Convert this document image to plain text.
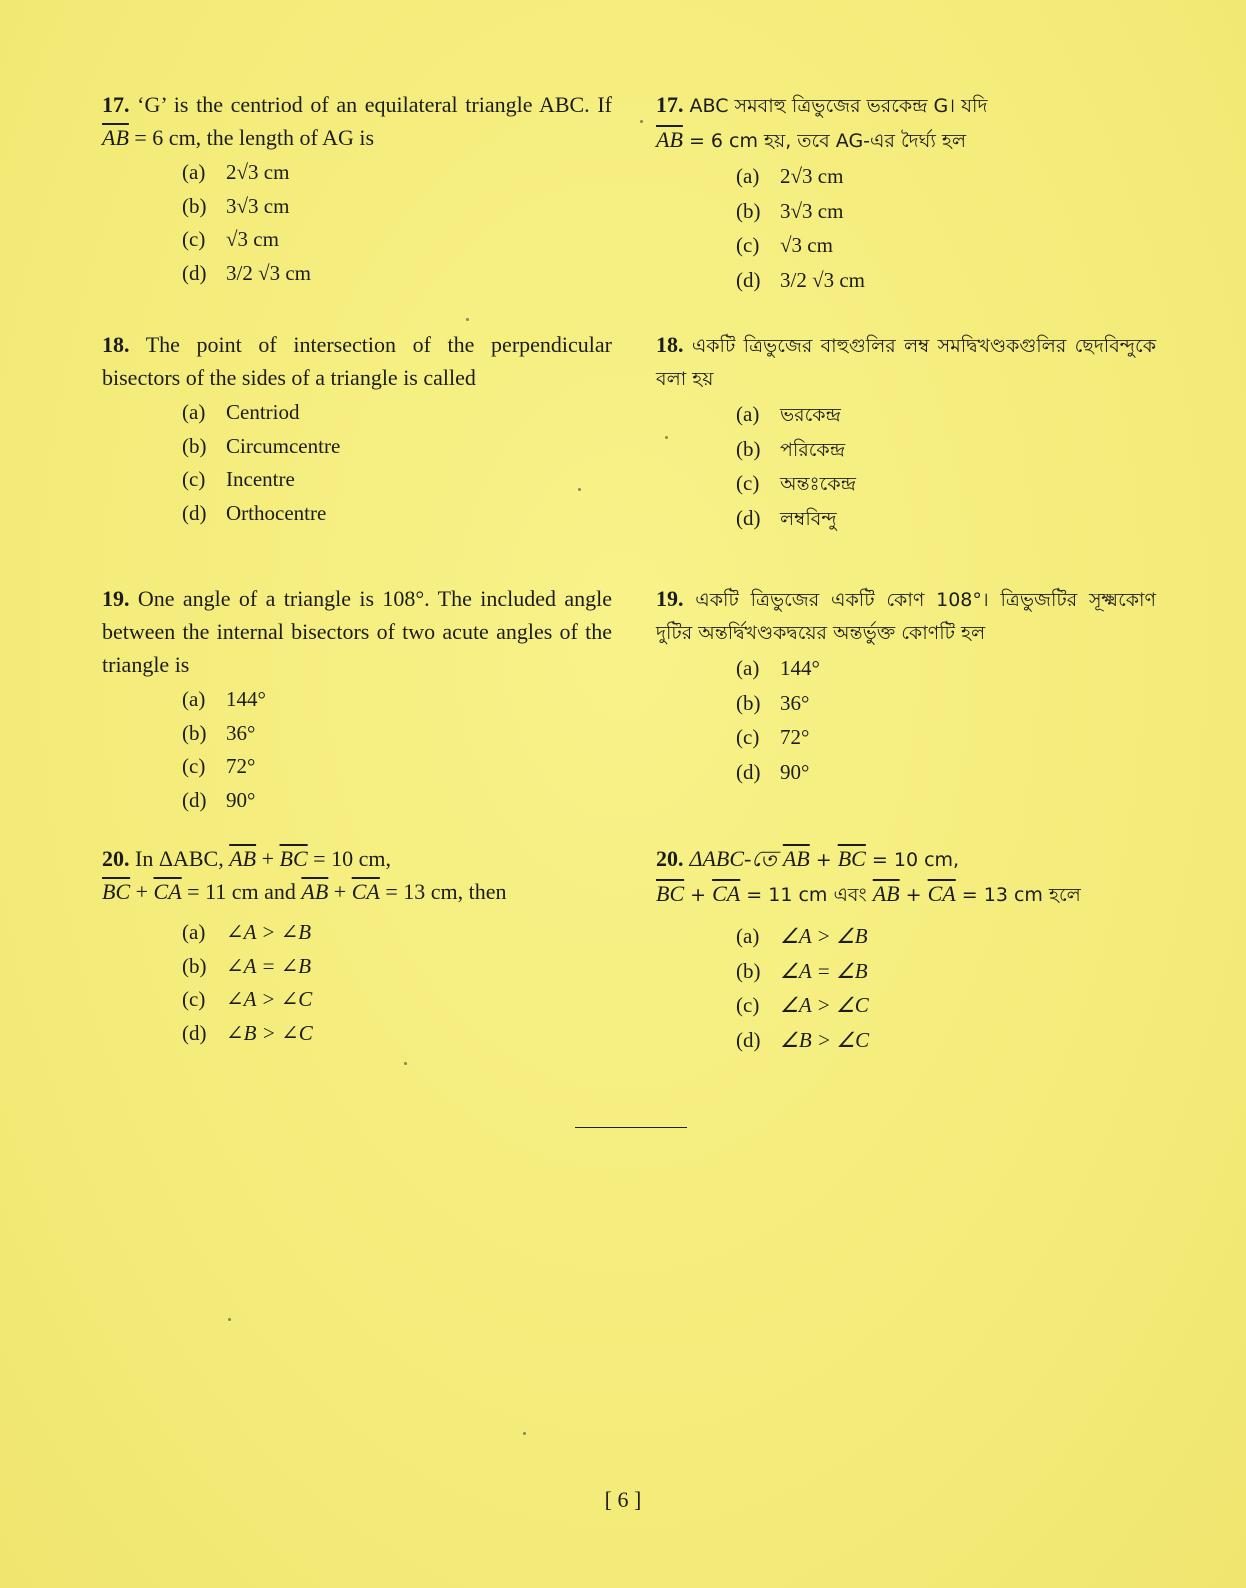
17. ‘G’ is the centriod of an equilateral triangle ABC. If $\overline{AB} = 6$ cm, the length of AG is

(a) 2√3 cm
(b) 3√3 cm
(c) √3 cm
(d) 3/2 √3 cm

18. The point of intersection of the perpendicular bisectors of the sides of a triangle is called

(a) Centriod
(b) Circumcentre
(c) Incentre
(d) Orthocentre

19. One angle of a triangle is 108°. The included angle between the internal bisectors of two acute angles of the triangle is

(a) 144°
(b) 36°
(c) 72°
(d) 90°

20. In ΔABC, $\overline{AB} + \overline{BC} = 10$ cm,
$\overline{BC} + \overline{CA} = 11$ cm and $\overline{AB} + \overline{CA} = 13$ cm, then

(a) ∠A > ∠B
(b) ∠A = ∠B
(c) ∠A > ∠C
(d) ∠B > ∠C

17. ABC সমবাহু ত্রিভুজের ভরকেন্দ্র G। যদি
$\overline{AB} = 6$ cm হয়, তবে AG-এর দৈর্ঘ্য হল

(a) 2√3 cm
(b) 3√3 cm
(c) √3 cm
(d) 3/2 √3 cm

18. একটি ত্রিভুজের বাহুগুলির লম্ব সমদ্বিখণ্ডকগুলির ছেদবিন্দুকে বলা হয়

(a) ভরকেন্দ্র
(b) পরিকেন্দ্র
(c) অন্তঃকেন্দ্র
(d) লম্ববিন্দু

19. একটি ত্রিভুজের একটি কোণ 108°। ত্রিভুজটির সূক্ষ্মকোণ দুটির অন্তর্দ্বিখণ্ডকদ্বয়ের অন্তর্ভুক্ত কোণটি হল

(a) 144°
(b) 36°
(c) 72°
(d) 90°

20. ΔABC-তে $\overline{AB} + \overline{BC} = 10$ cm,
$\overline{BC} + \overline{CA} = 11$ cm এবং $\overline{AB} + \overline{CA} = 13$ cm হলে

(a) ∠A > ∠B
(b) ∠A = ∠B
(c) ∠A > ∠C
(d) ∠B > ∠C
[ 6 ]
